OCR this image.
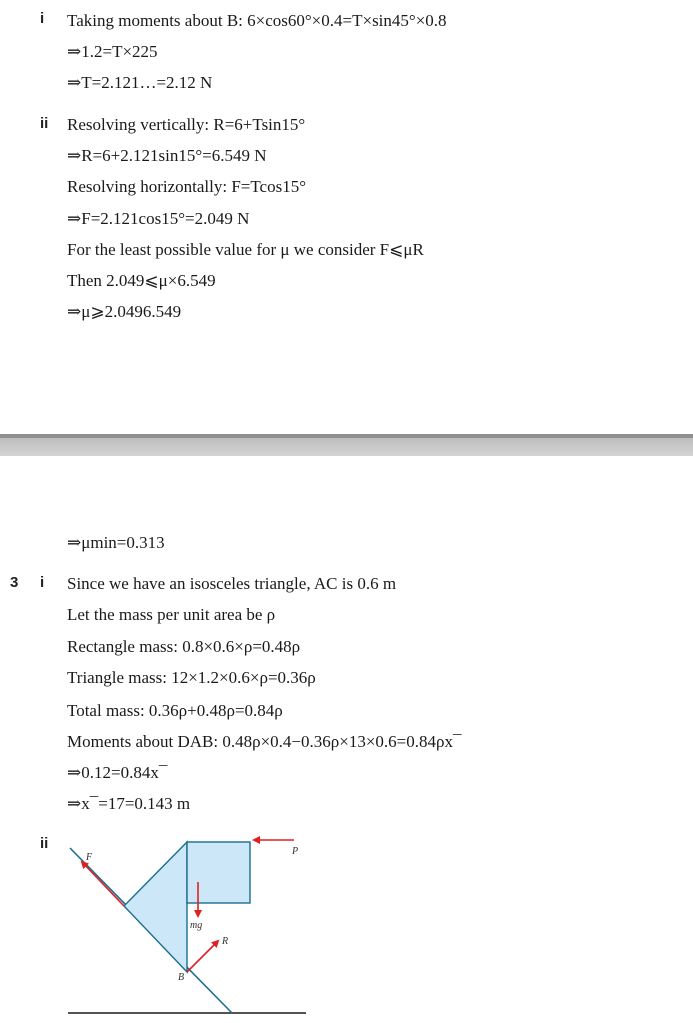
i Taking moments about B: 6×cos60°×0.4=T×sin45°×0.8
⇒1.2=T×225
⇒T=2.121…=2.12 N
ii Resolving vertically: R=6+Tsin15°
⇒R=6+2.121sin15°=6.549 N
Resolving horizontally: F=Tcos15°
⇒F=2.121cos15°=2.049 N
For the least possible value for μ we consider F⩽μR
Then 2.049⩽μ×6.549
⇒μ⩾2.0496.549
⇒μmin=0.313
3 i Since we have an isosceles triangle, AC is 0.6 m
Let the mass per unit area be ρ
Rectangle mass: 0.8×0.6×ρ=0.48ρ
Triangle mass: 12×1.2×0.6×ρ=0.36ρ
Total mass: 0.36ρ+0.48ρ=0.84ρ
Moments about DAB: 0.48ρ×0.4−0.36ρ×13×0.6=0.84ρx¯
⇒0.12=0.84x¯
⇒x¯=17=0.143 m
ii	P
F
mg
R
B
